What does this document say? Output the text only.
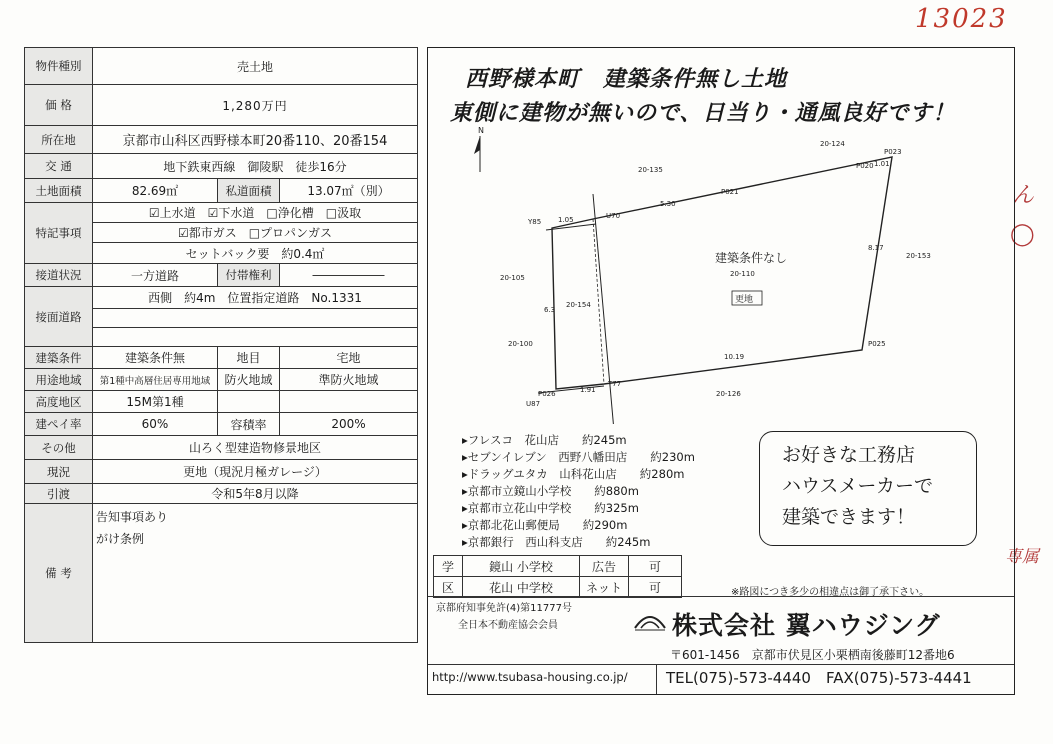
13023
ん
◯
専属
物件種別	売土地		
価 格	1,280万円		
所在地	京都市山科区西野様本町20番110、20番154		
交 通	地下鉄東西線　御陵駅　徒歩16分		
土地面積	82.69㎡	私道面積	13.07㎡（別）
特記事項	☑上水道　☑下水道　□浄化槽　□汲取		
	☑都市ガス　□プロパンガス		
	セットバック要　約0.4㎡		
接道状況	一方道路	付帯権利	――――――
接面道路	西側　約4m　位置指定道路　No.1331		

建築条件	建築条件無	地目	宅地
用途地域	第1種中高層住居専用地域	防火地域	準防火地域
高度地区	15M第1種		
建ぺイ率	60%	容積率	200%
その他	山ろく型建造物修景地区		
現況	更地（現況月極ガレージ）		
引渡	令和5年8月以降		
備 考	告知事項あり
がけ条例		
西野様本町　建築条件無し土地
東側に建物が無いので、日当り・通風良好です！
N
建築条件なし
20-110
更地
20-124
20-135
20-153
20-105
20-154
20-100
20-126
5.30
8.17
10.19
6.3
1.05
1.91
1.01
P023
P020
P021
P025
P026
U70
T77
U87
Y85
▸フレスコ　花山店　　約245m
▸セブンイレブン　西野八幡田店　　約230m
▸ドラッグユタカ　山科花山店　　約280m
▸京都市立鏡山小学校　　約880m
▸京都市立花山中学校　　約325m
▸京都北花山郵便局　　約290m
▸京都銀行　西山科支店　　約245m
お好きな工務店
ハウスメーカーで
建築できます！
学	鏡山 小学校	広告	可
区	花山 中学校	ネット	可	※路図につき多少の相違点は御了承下さい。
京都府知事免許(4)第11777号
全日本不動産協会会員	株式会社 翼ハウジング
〒601-1456　京都市伏見区小栗栖南後藤町12番地6
http://www.tsubasa-housing.co.jp/	TEL(075)-573-4440　FAX(075)-573-4441
